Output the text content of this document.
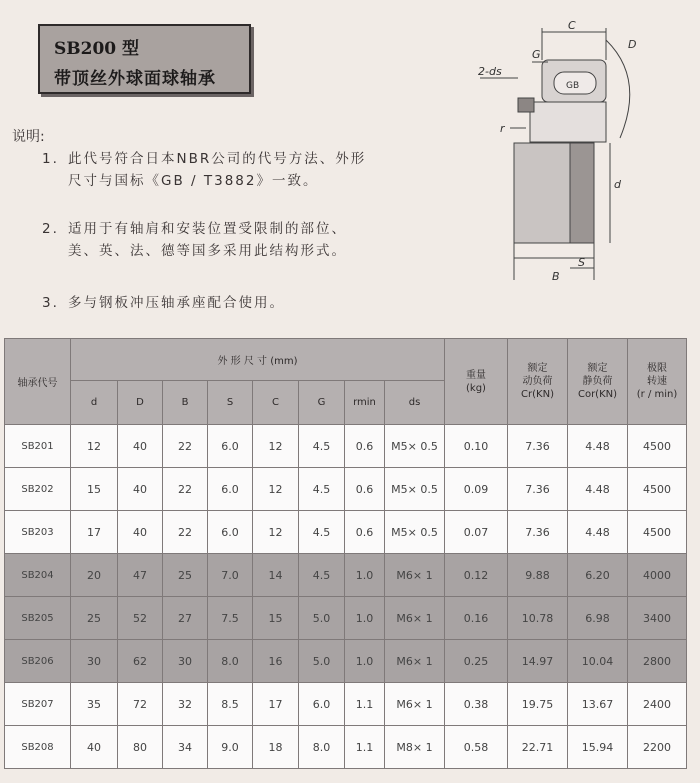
SB200 型
带顶丝外球面球轴承
说明:
1. 此代号符合日本NBR公司的代号方法、外形尺寸与国标《GB / T3882》一致。
2. 适用于有轴肩和安装位置受限制的部位、美、英、法、德等国多采用此结构形式。
3. 多与钢板冲压轴承座配合使用。
C
D
G
2-ds
r
d
B
S
GB
轴承代号	外 形 尺 寸 (mm)								重量
(kg)	额定
动负荷
Cr(KN)	额定
静负荷
Cor(KN)	极限
转速
(r / min)
	d	D	B	S	C	G	rmin	ds				
SB201	12	40	22	6.0	12	4.5	0.6	M5× 0.5	0.10	7.36	4.48	4500
SB202	15	40	22	6.0	12	4.5	0.6	M5× 0.5	0.09	7.36	4.48	4500
SB203	17	40	22	6.0	12	4.5	0.6	M5× 0.5	0.07	7.36	4.48	4500
SB204	20	47	25	7.0	14	4.5	1.0	M6× 1	0.12	9.88	6.20	4000
SB205	25	52	27	7.5	15	5.0	1.0	M6× 1	0.16	10.78	6.98	3400
SB206	30	62	30	8.0	16	5.0	1.0	M6× 1	0.25	14.97	10.04	2800
SB207	35	72	32	8.5	17	6.0	1.1	M6× 1	0.38	19.75	13.67	2400
SB208	40	80	34	9.0	18	8.0	1.1	M8× 1	0.58	22.71	15.94	2200
